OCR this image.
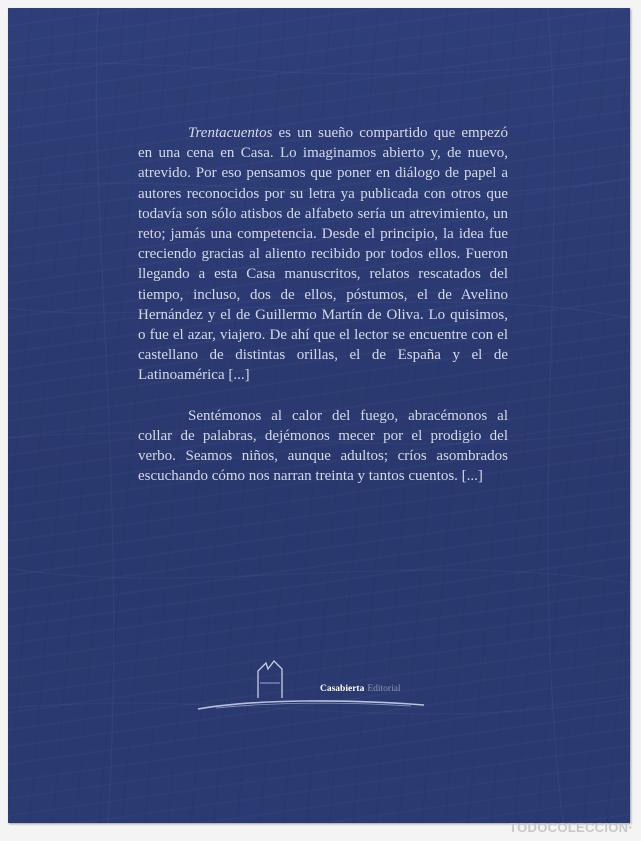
Trentacuentos es un sueño compartido que empezó en una cena en Casa. Lo imaginamos abierto y, de nuevo, atrevido. Por eso pensamos que poner en diálogo de papel a autores reconocidos por su letra ya publicada con otros que todavía son sólo atisbos de alfabeto sería un atrevimiento, un reto; jamás una competencia. Desde el principio, la idea fue creciendo gracias al aliento recibido por todos ellos. Fueron llegando a esta Casa manuscritos, relatos rescatados del tiempo, incluso, dos de ellos, póstumos, el de Avelino Hernández y el de Guillermo Martín de Oliva. Lo quisimos, o fue el azar, viajero. De ahí que el lector se encuentre con el castellano de distintas orillas, el de España y el de Latinoamérica [...]

Sentémonos al calor del fuego, abracémonos al collar de palabras, dejémonos mecer por el prodigio del verbo. Seamos niños, aunque adultos; críos asombrados escuchando cómo nos narran treinta y tantos cuentos. [...]

Casabierta Editorial
TODOCOLECCION·
